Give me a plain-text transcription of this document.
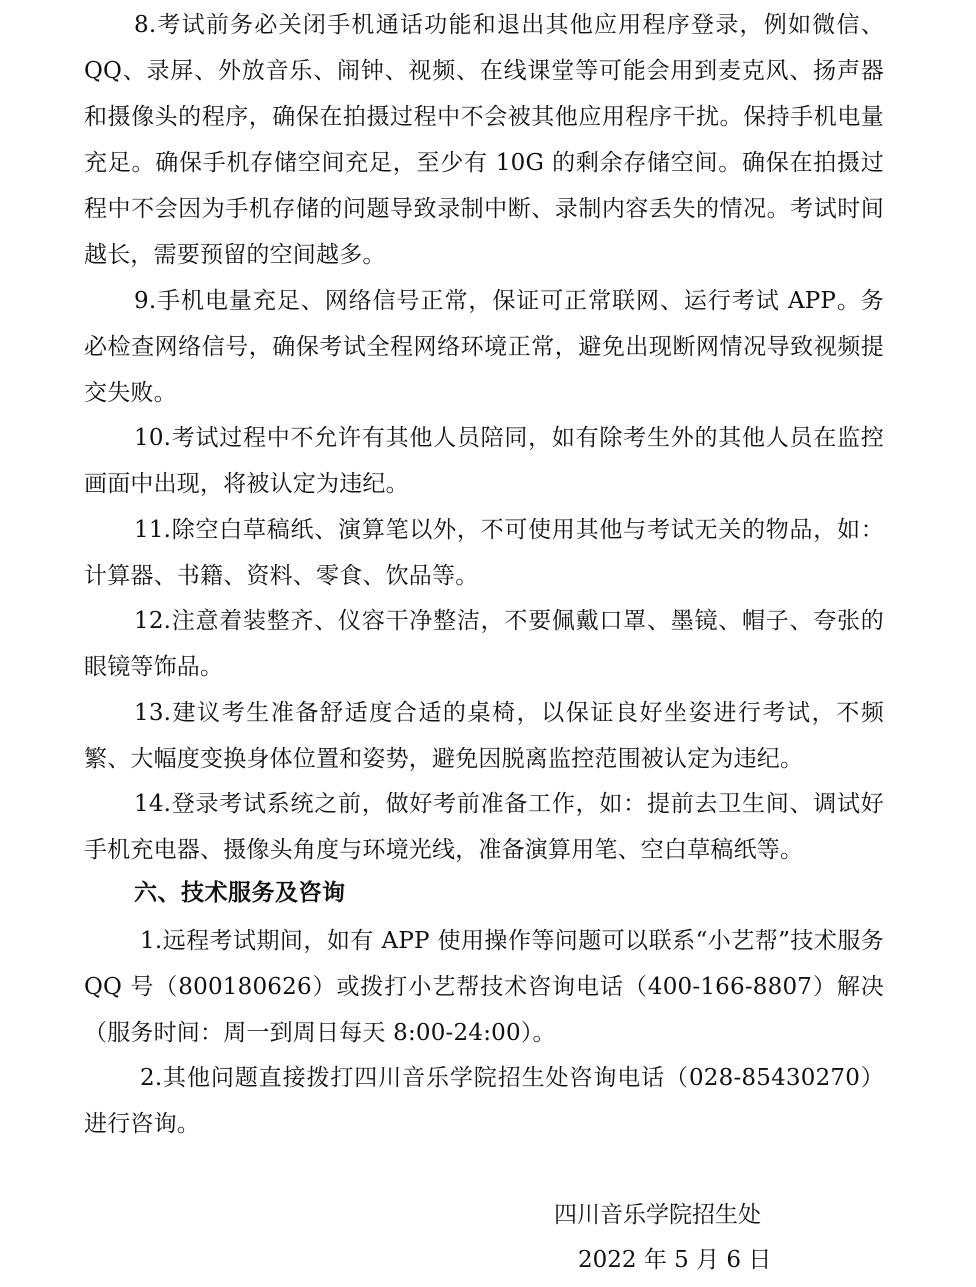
8.考试前务必关闭手机通话功能和退出其他应用程序登录，例如微信、QQ、录屏、外放音乐、闹钟、视频、在线课堂等可能会用到麦克风、扬声器和摄像头的程序，确保在拍摄过程中不会被其他应用程序干扰。保持手机电量充足。确保手机存储空间充足，至少有 10G 的剩余存储空间。确保在拍摄过程中不会因为手机存储的问题导致录制中断、录制内容丢失的情况。考试时间越长，需要预留的空间越多。

9.手机电量充足、网络信号正常，保证可正常联网、运行考试 APP。务必检查网络信号，确保考试全程网络环境正常，避免出现断网情况导致视频提交失败。

10.考试过程中不允许有其他人员陪同，如有除考生外的其他人员在监控画面中出现，将被认定为违纪。

11.除空白草稿纸、演算笔以外，不可使用其他与考试无关的物品，如：计算器、书籍、资料、零食、饮品等。

12.注意着装整齐、仪容干净整洁，不要佩戴口罩、墨镜、帽子、夸张的眼镜等饰品。

13.建议考生准备舒适度合适的桌椅，以保证良好坐姿进行考试，不频繁、大幅度变换身体位置和姿势，避免因脱离监控范围被认定为违纪。

14.登录考试系统之前，做好考前准备工作，如：提前去卫生间、调试好手机充电器、摄像头角度与环境光线，准备演算用笔、空白草稿纸等。

六、技术服务及咨询

1.远程考试期间，如有 APP 使用操作等问题可以联系“小艺帮”技术服务 QQ 号（800180626）或拨打小艺帮技术咨询电话（400-166-8807）解决（服务时间：周一到周日每天 8:00-24:00）。

2.其他问题直接拨打四川音乐学院招生处咨询电话（028-85430270）进行咨询。

四川音乐学院招生处

2022 年 5 月 6 日
